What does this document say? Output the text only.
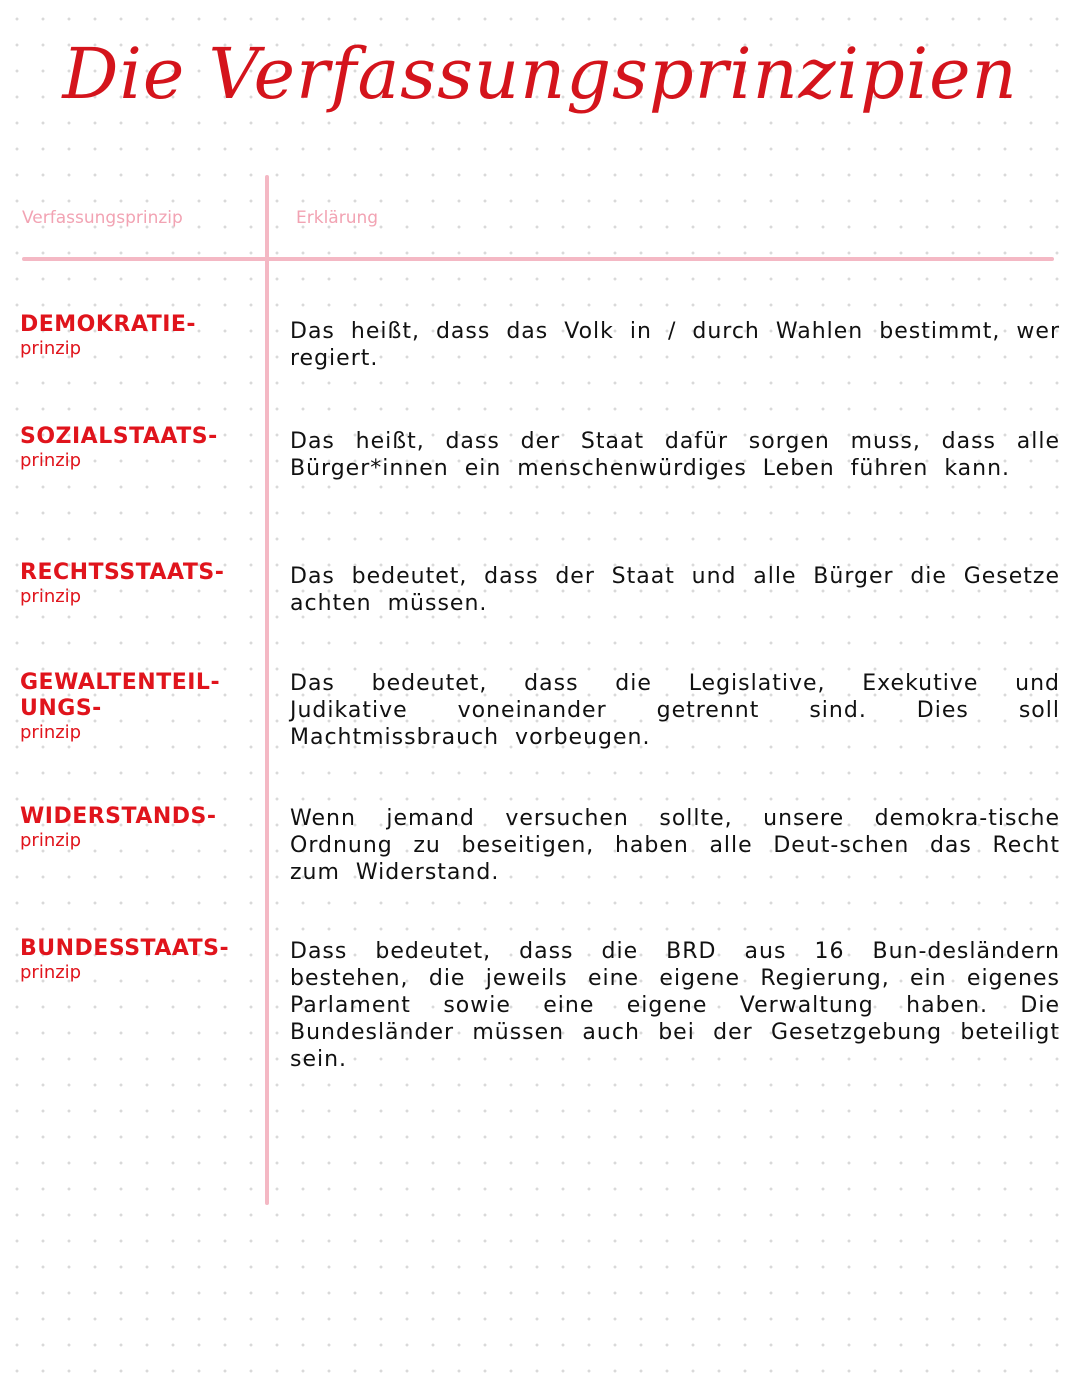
Die Verfassungsprinzipien
Verfassungsprinzip	Erklärung
DEMOKRATIE-
prinzip
Das heißt, dass das Volk in / durch Wahlen bestimmt, wer regiert.
SOZIALSTAATS-
prinzip
Das heißt, dass der Staat dafür sorgen muss, dass alle Bürger*innen ein menschenwürdiges Leben führen kann.
RECHTSSTAATS-
prinzip
Das bedeutet, dass der Staat und alle Bürger die Gesetze achten müssen.
GEWALTENTEIL- UNGS-
prinzip
Das bedeutet, dass die Legislative, Exekutive und Judikative voneinander getrennt sind. Dies soll Machtmissbrauch vorbeugen.
WIDERSTANDS-
prinzip
Wenn jemand versuchen sollte, unsere demokra-tische Ordnung zu beseitigen, haben alle Deut-schen das Recht zum Widerstand.
BUNDESSTAATS-
prinzip
Dass bedeutet, dass die BRD aus 16 Bun-desländern bestehen, die jeweils eine eigene Regierung, ein eigenes Parlament sowie eine eigene Verwaltung haben. Die Bundesländer müssen auch bei der Gesetzgebung beteiligt sein.
